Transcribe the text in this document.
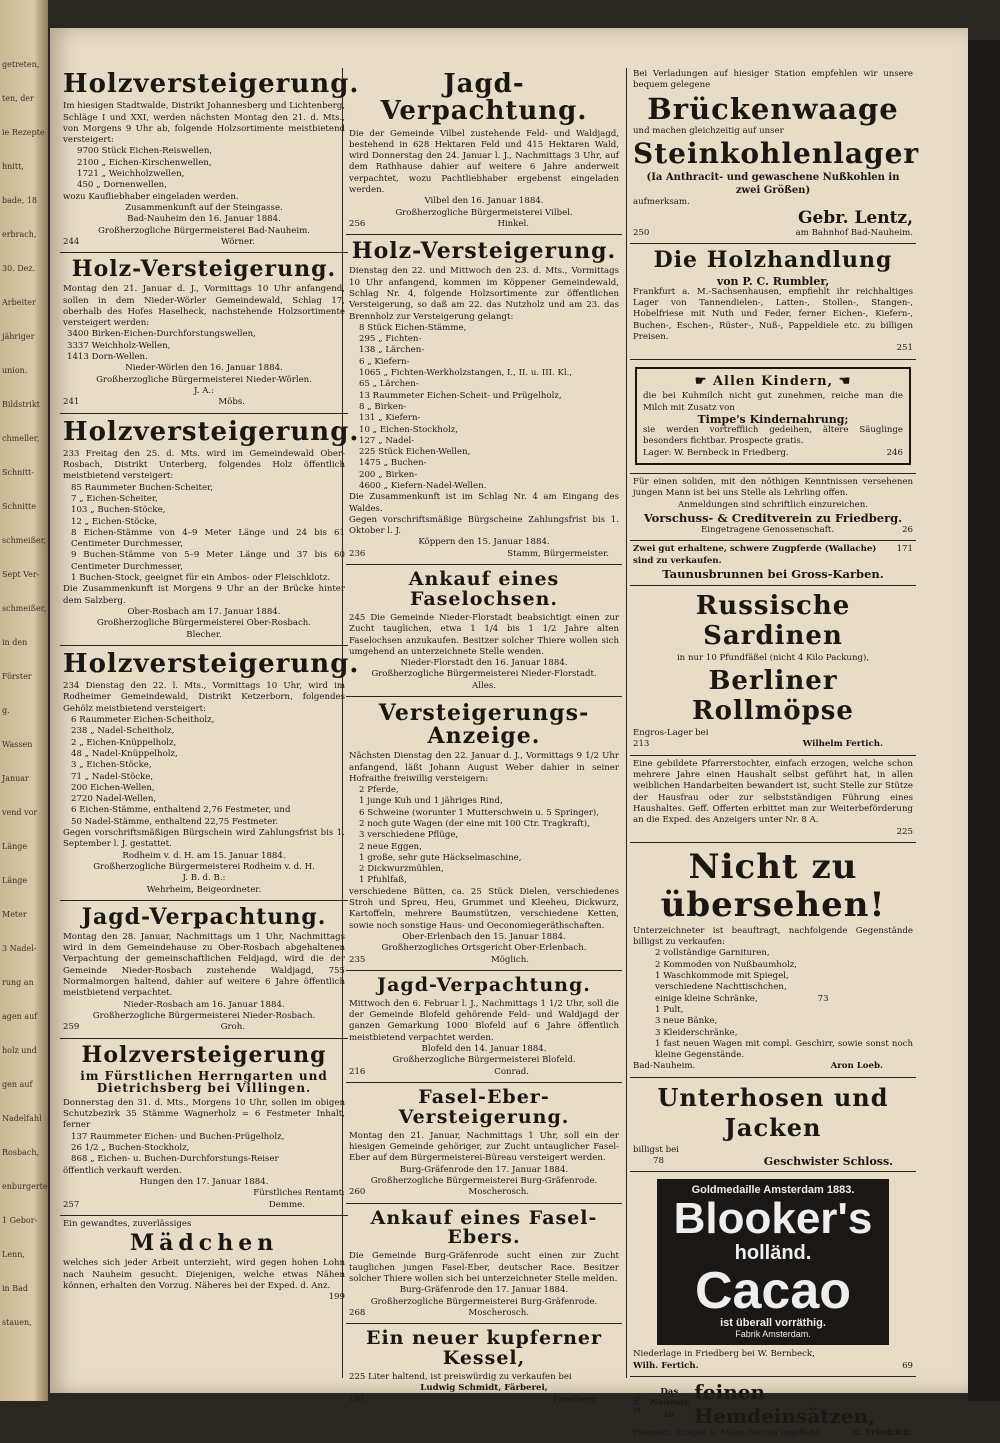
getreten,
ten, der
ie Rezepte
hnitt,
bade, 18
erbrach,
30. Dez.
Arbeiter
jähriger
union.
Bildstrikt
chmeller,
Schnitt-
Schnitte
schmeißer,
Sept Ver-
schmeißer,
in den
Förster
g.
Wassen
Januar
vend vor
Länge
Länge
Meter
3 Nadel-
rung an
agen auf
holz und
gen auf
Nadelfahl
Rosbach,
enburgerte
1 Gebor-
Lenn,
in Bad
stauen,
Holzversteigerung.

Im hiesigen Stadtwalde, Distrikt Johannesberg und Lichtenberg, Schläge I und XXI, werden nächsten Montag den 21. d. Mts., von Morgens 9 Uhr ab, folgende Holzsortimente meistbietend versteigert:

9700 Stück Eichen-Reiswellen,
2100 „ Eichen-Kirschenwellen,
1721 „ Weichholzwellen,
450 „ Dornenwellen,

wozu Kaufliebhaber eingeladen werden.

Zusammenkunft auf der Steingasse.

Bad-Nauheim den 16. Januar 1884.

Großherzogliche Bürgermeisterei Bad-Nauheim.

244	Wörner.
Holz-Versteigerung.

Montag den 21. Januar d. J., Vormittags 10 Uhr anfangend, sollen in dem Nieder-Wörler Gemeindewald, Schlag 17, oberhalb des Hofes Haselheck, nachstehende Holzsortimente versteigert werden:

3400 Birken-Eichen-Durchforstungswellen,
3337 Weichholz-Wellen,
1413 Dorn-Wellen.

Nieder-Wörlen den 16. Januar 1884.

Großherzogliche Bürgermeisterei Nieder-Wörlen.

J. A.:

241	Möbs.
Holzversteigerung.

233 Freitag den 25. d. Mts. wird im Gemeindewald Ober-Rosbach, Distrikt Unterberg, folgendes Holz öffentlich meistbietend versteigert:

85 Raummeter Buchen-Scheiter,
7 „ Eichen-Scheiter,
103 „ Buchen-Stöcke,
12 „ Eichen-Stöcke,

8 Eichen-Stämme von 4–9 Meter Länge und 24 bis 61 Centimeter Durchmesser,

9 Buchen-Stämme von 5–9 Meter Länge und 37 bis 60 Centimeter Durchmesser,

1 Buchen-Stock, geeignet für ein Ambos- oder Fleischklotz.

Die Zusammenkunft ist Morgens 9 Uhr an der Brücke hinter dem Salzberg.

Ober-Rosbach am 17. Januar 1884.

Großherzogliche Bürgermeisterei Ober-Rosbach.

Blecher.

Holzversteigerung.

234 Dienstag den 22. l. Mts., Vormittags 10 Uhr, wird im Rodheimer Gemeindewald, Distrikt Ketzerborn, folgendes Gehölz meistbietend versteigert:

6 Raummeter Eichen-Scheitholz,
238 „ Nadel-Scheitholz,
2 „ Eichen-Knüppelholz,
48 „ Nadel-Knüppelholz,
3 „ Eichen-Stöcke,
71 „ Nadel-Stöcke,
200 Eichen-Wellen,
2720 Nadel-Wellen,
6 Eichen-Stämme, enthaltend 2,76 Festmeter, und
50 Nadel-Stämme, enthaltend 22,75 Festmeter.

Gegen vorschriftsmäßigen Bürgschein wird Zahlungsfrist bis 1. September l. J. gestattet.

Rodheim v. d. H. am 15. Januar 1884.

Großherzogliche Bürgermeisterei Rodheim v. d. H.

J. B. d. B.:

Wehrheim, Beigeordneter.

Jagd-Verpachtung.

Montag den 28. Januar, Nachmittags um 1 Uhr, Nachmittags wird in dem Gemeindehause zu Ober-Rosbach abgehaltenen Verpachtung der gemeinschaftlichen Feldjagd, wird die der Gemeinde Nieder-Rosbach zustehende Waldjagd, 755 Normalmorgen haltend, dahier auf weitere 6 Jahre öffentlich meistbietend verpachtet.

Nieder-Rosbach am 16. Januar 1884.

Großherzogliche Bürgermeisterei Nieder-Rosbach.

259	Groh.
Holzversteigerung
im Fürstlichen Herrngarten und Dietrichsberg bei Villingen.

Donnerstag den 31. d. Mts., Morgens 10 Uhr, sollen im obigen Schutzbezirk 35 Stämme Wagnerholz = 6 Festmeter Inhalt, ferner

137 Raummeter Eichen- und Buchen-Prügelholz,
26 1/2 „ Buchen-Stockholz,
868 „ Eichen- u. Buchen-Durchforstungs-Reiser

öffentlich verkauft werden.

Hungen den 17. Januar 1884.

Fürstliches Rentamt:

257	Demme.

Ein gewandtes, zuverlässiges

Mädchen

welches sich jeder Arbeit unterzieht, wird gegen hohen Lohn nach Nauheim gesucht. Diejenigen, welche etwas Nähen können, erhalten den Vorzug. Näheres bei der Exped. d. Anz.

199
Jagd-Verpachtung.

Die der Gemeinde Vilbel zustehende Feld- und Waldjagd, bestehend in 628 Hektaren Feld und 415 Hektaren Wald, wird Donnerstag den 24. Januar l. J., Nachmittags 3 Uhr, auf dem Rathhause dahier auf weitere 6 Jahre anderweit verpachtet, wozu Pachtliebhaber ergebenst eingeladen werden.

Vilbel den 16. Januar 1884.

Großherzogliche Bürgermeisterei Vilbel.

256	Hinkel.
Holz-Versteigerung.

Dienstag den 22. und Mittwoch den 23. d. Mts., Vormittags 10 Uhr anfangend, kommen im Köppener Gemeindewald, Schlag Nr. 4, folgende Holzsortimente zur öffentlichen Versteigerung, so daß am 22. das Nutzholz und am 23. das Brennholz zur Versteigerung gelangt:

8 Stück Eichen-Stämme,
295 „ Fichten-
138 „ Lärchen-
6 „ Kiefern-
1065 „ Fichten-Werkholzstangen, I., II. u. III. Kl.,
65 „ Lärchen-
13 Raummeter Eichen-Scheit- und Prügelholz,
8 „ Birken-
131 „ Kiefern-
10 „ Eichen-Stockholz,
127 „ Nadel-
225 Stück Eichen-Wellen,
1475 „ Buchen-
200 „ Birken-
4600 „ Kiefern-Nadel-Wellen.

Die Zusammenkunft ist im Schlag Nr. 4 am Eingang des Waldes.

Gegen vorschriftsmäßige Bürgscheine Zahlungsfrist bis 1. Oktober l. J.

Köppern den 15. Januar 1884.

236	Stamm, Bürgermeister.
Ankauf eines Faselochsen.

245 Die Gemeinde Nieder-Florstadt beabsichtigt einen zur Zucht tauglichen, etwa 1 1/4 bis 1 1/2 Jahre alten Faselochsen anzukaufen. Besitzer solcher Thiere wollen sich umgehend an unterzeichnete Stelle wenden.

Nieder-Florstadt den 16. Januar 1884.

Großherzogliche Bürgermeisterei Nieder-Florstadt.

Alles.

Versteigerungs-Anzeige.

Nächsten Dienstag den 22. Januar d. J., Vormittags 9 1/2 Uhr anfangend, läßt Johann August Weber dahier in seiner Hofraithe freiwillig versteigern:

2 Pferde,
1 junge Kuh und 1 jähriges Rind,
6 Schweine (worunter 1 Mutterschwein u. 5 Springer),
2 noch gute Wagen (der eine mit 100 Ctr. Tragkraft),
3 verschiedene Pflüge,
2 neue Eggen,
1 große, sehr gute Häckselmaschine,
2 Dickwurzmühlen,
1 Pfuhlfaß,

verschiedene Bütten, ca. 25 Stück Dielen, verschiedenes Stroh und Spreu, Heu, Grummet und Kleeheu, Dickwurz, Kartoffeln, mehrere Baumstützen, verschiedene Ketten, sowie noch sonstige Haus- und Oeconomiegeräthschaften.

Ober-Erlenbach den 15. Januar 1884.

Großherzogliches Ortsgericht Ober-Erlenbach.

235	Möglich.
Jagd-Verpachtung.

Mittwoch den 6. Februar l. J., Nachmittags 1 1/2 Uhr, soll die der Gemeinde Blofeld gehörende Feld- und Waldjagd der ganzen Gemarkung 1000 Blofeld auf 6 Jahre öffentlich meistbietend verpachtet werden.

Blofeld den 14. Januar 1884.

Großherzogliche Bürgermeisterei Blofeld.

216	Conrad.
Fasel-Eber-Versteigerung.

Montag den 21. Januar, Nachmittags 1 Uhr, soll ein der hiesigen Gemeinde gehöriger, zur Zucht untauglicher Fasel-Eber auf dem Bürgermeisterei-Büreau versteigert werden.

Burg-Gräfenrode den 17. Januar 1884.

Großherzogliche Bürgermeisterei Burg-Gräfenrode.

260	Moscherosch.
Ankauf eines Fasel-Ebers.

Die Gemeinde Burg-Gräfenrode sucht einen zur Zucht tauglichen jungen Fasel-Eber, deutscher Race. Besitzer solcher Thiere wollen sich bei unterzeichneter Stelle melden.

Burg-Gräfenrode den 17. Januar 1884.

Großherzogliche Bürgermeisterei Burg-Gräfenrode.

268	Moscherosch.
Ein neuer kupferner Kessel,

225 Liter haltend, ist preiswürdig zu verkaufen bei

Ludwig Schmidt, Färberei,

181	Friedberg.

Bei Verladungen auf hiesiger Station empfehlen wir unsere bequem gelegene

Brückenwaage

und machen gleichzeitig auf unser

Steinkohlenlager

(Ia Anthracit- und gewaschene Nußkohlen in zwei Größen)

aufmerksam.

Gebr. Lentz,
250	am Bahnhof Bad-Nauheim.
Die Holzhandlung

von P. C. Rumbler,

Frankfurt a. M.-Sachsenhausen, empfiehlt ihr reichhaltiges Lager von Tannendielen-, Latten-, Stollen-, Stangen-, Hobelfriese mit Nuth und Feder, ferner Eichen-, Kiefern-, Buchen-, Eschen-, Rüster-, Nuß-, Pappeldiele etc. zu billigen Preisen.

251
☛ Allen Kindern, ☚

die bei Kuhmilch nicht gut zunehmen, reiche man die Milch mit Zusatz von

Timpe's Kindernahrung;

sie werden vortrefflich gedeihen, ältere Säuglinge besonders fichtbar. Prospecte gratis.

Lager: W. Bernbeck in Friedberg.	246

Für einen soliden, mit den nöthigen Kenntnissen versehenen jungen Mann ist bei uns Stelle als Lehrling offen.

Anmeldungen sind schriftlich einzureichen.

Vorschuss- & Creditverein zu Friedberg.
Eingetragene Genossenschaft.	26
Zwei gut erhaltene, schwere Zugpferde (Wallache) sind zu verkaufen.
171
Taunusbrunnen bei Gross-Karben.
Russische Sardinen

in nur 10 Pfundfäßel (nicht 4 Kilo Packung),

Berliner Rollmöpse

Engros-Lager bei

213	Wilhelm Fertich.

Eine gebildete Pfarrerstochter, einfach erzogen, welche schon mehrere Jahre einen Haushalt selbst geführt hat, in allen weiblichen Handarbeiten bewandert ist, sucht Stelle zur Stütze der Hausfrau oder zur selbstständigen Führung eines Haushaltes. Geff. Offerten erbittet man zur Weiterbeförderung an die Exped. des Anzeigers unter Nr. 8 A.

225
Nicht zu übersehen!

Unterzeichneter ist beauftragt, nachfolgende Gegenstände billigst zu verkaufen:

2 vollständige Garnituren,
2 Kommoden von Nußbaumholz,
1 Waschkommode mit Spiegel,
verschiedene Nachttischchen,
einige kleine Schränke,	73
1 Pult,
3 neue Bänke,
3 Kleiderschränke,

1 fast neuen Wagen mit compl. Geschirr, sowie sonst noch kleine Gegenstände.

Bad-Nauheim.	Aron Loeb.
Unterhosen und Jacken

billigst bei

78	Geschwister Schloss.
Goldmedaille Amsterdam 1883.
Blooker's
holländ.
Cacao
ist überall vorräthig.
Fabrik Amsterdam.

Niederlage in Friedberg bei W. Bernbeck,

Wilh. Fertich.	69
270
Das Neueste in
feinen Hemdeinsätzen,
Hemden, Kragen u. Manschetten empfiehlt	K. Friedrich.
